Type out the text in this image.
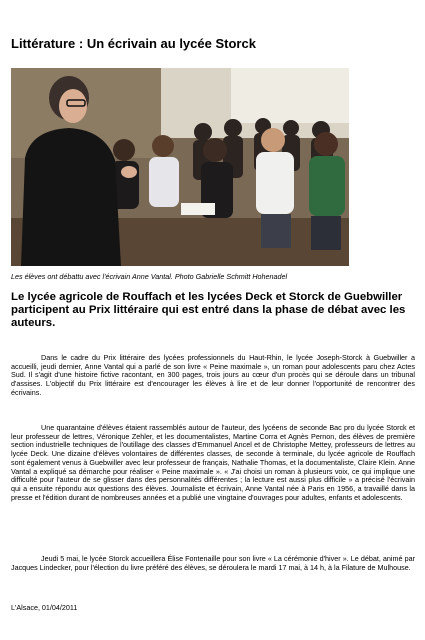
Littérature : Un écrivain au lycée Storck

Les élèves ont débattu avec l'écrivain Anne Vantal. Photo Gabrielle Schmitt Hohenadel

Le lycée agricole de Rouffach et les lycées Deck et Storck de Guebwiller participent au Prix littéraire qui est entré dans la phase de débat avec les auteurs.

Dans le cadre du Prix littéraire des lycées professionnels du Haut-Rhin, le lycée Joseph-Storck à Guebwiller a accueilli, jeudi dernier, Anne Vantal qui a parlé de son livre « Peine maximale », un roman pour adolescents paru chez Actes Sud. Il s'agit d'une histoire fictive racontant, en 300 pages, trois jours au cœur d'un procès qui se déroule dans un tribunal d'assises. L'objectif du Prix littéraire est d'encourager les élèves à lire et de leur donner l'opportunité de rencontrer des écrivains.

Une quarantaine d'élèves étaient rassemblés autour de l'auteur, des lycéens de seconde Bac pro du lycée Storck et leur professeur de lettres, Véronique Zehler, et les documentalistes, Martine Corra et Agnès Pernon, des élèves de première section industrielle techniques de l'outillage des classes d'Emmanuel Ancel et de Christophe Mettey, professeurs de lettres au lycée Deck. Une dizaine d'élèves volontaires de différentes classes, de seconde à terminale, du lycée agricole de Rouffach sont également venus à Guebwiller avec leur professeur de français, Nathalie Thomas, et la documentaliste, Claire Klein. Anne Vantal a expliqué sa démarche pour réaliser « Peine maximale ». « J'ai choisi un roman à plusieurs voix, ce qui implique une difficulté pour l'auteur de se glisser dans des personnalités différentes ; la lecture est aussi plus difficile » a précisé l'écrivain qui a ensuite répondu aux questions des élèves. Journaliste et écrivain, Anne Vantal née à Paris en 1956, a travaillé dans la presse et l'édition durant de nombreuses années et a publié une vingtaine d'ouvrages pour adultes, enfants et adolescents.

Jeudi 5 mai, le lycée Storck accueillera Élise Fontenaille pour son livre « La cérémonie d'hiver ». Le débat, animé par Jacques Lindecker, pour l'élection du livre préféré des élèves, se déroulera le mardi 17 mai, à 14 h, à la Filature de Mulhouse.

L'Alsace, 01/04/2011
